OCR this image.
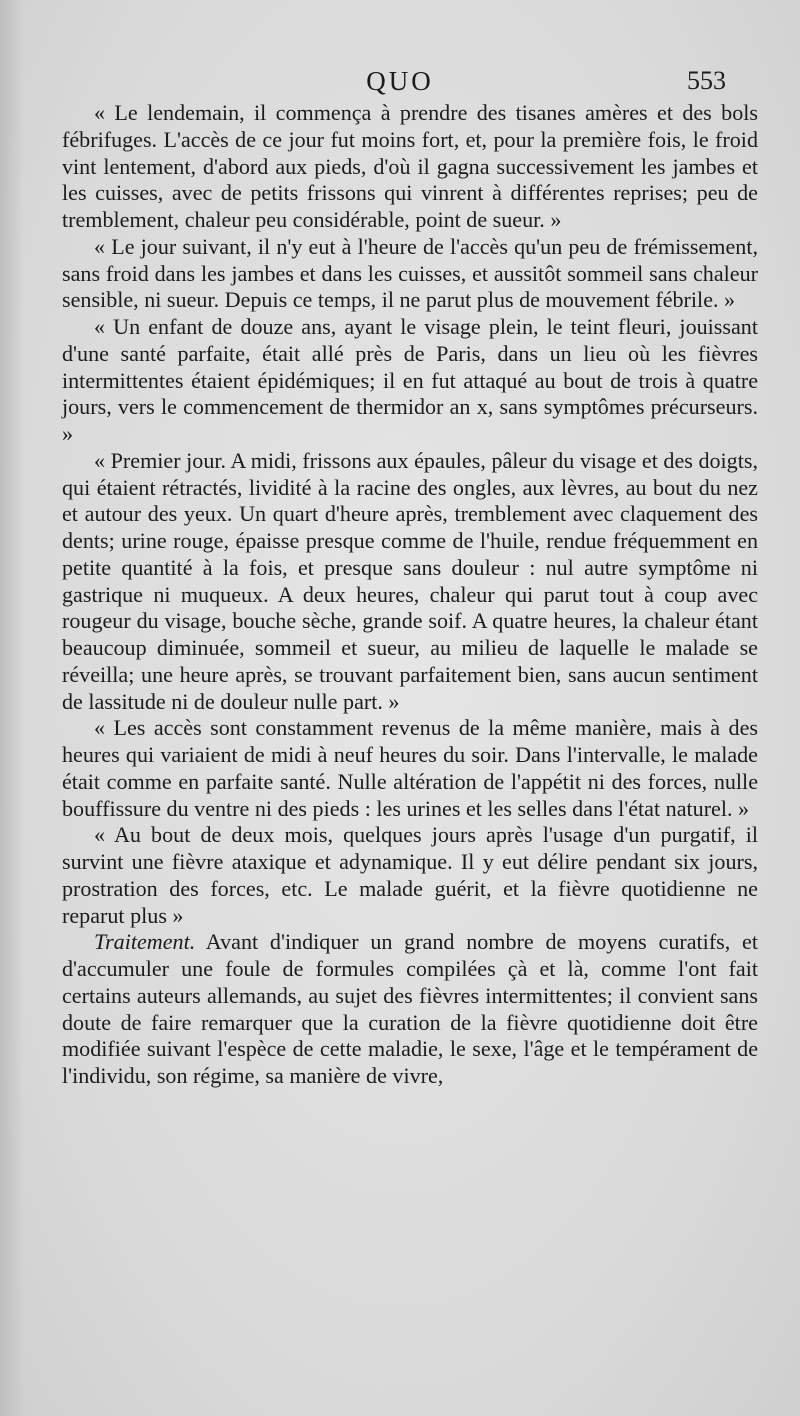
QUO	553

« Le lendemain, il commença à prendre des tisanes amères et des bols fébrifuges. L'accès de ce jour fut moins fort, et, pour la première fois, le froid vint lentement, d'abord aux pieds, d'où il gagna successivement les jambes et les cuisses, avec de petits frissons qui vinrent à différentes reprises; peu de tremblement, chaleur peu considérable, point de sueur. »

« Le jour suivant, il n'y eut à l'heure de l'accès qu'un peu de frémissement, sans froid dans les jambes et dans les cuisses, et aussitôt sommeil sans chaleur sensible, ni sueur. Depuis ce temps, il ne parut plus de mouvement fébrile. »

« Un enfant de douze ans, ayant le visage plein, le teint fleuri, jouissant d'une santé parfaite, était allé près de Paris, dans un lieu où les fièvres intermittentes étaient épidémiques; il en fut attaqué au bout de trois à quatre jours, vers le commencement de thermidor an x, sans symptômes précurseurs. »

« Premier jour. A midi, frissons aux épaules, pâleur du visage et des doigts, qui étaient rétractés, lividité à la racine des ongles, aux lèvres, au bout du nez et autour des yeux. Un quart d'heure après, tremblement avec claquement des dents; urine rouge, épaisse presque comme de l'huile, rendue fréquemment en petite quantité à la fois, et presque sans douleur : nul autre symptôme ni gastrique ni muqueux. A deux heures, chaleur qui parut tout à coup avec rougeur du visage, bouche sèche, grande soif. A quatre heures, la chaleur étant beaucoup diminuée, sommeil et sueur, au milieu de laquelle le malade se réveilla; une heure après, se trouvant parfaitement bien, sans aucun sentiment de lassitude ni de douleur nulle part. »

« Les accès sont constamment revenus de la même manière, mais à des heures qui variaient de midi à neuf heures du soir. Dans l'intervalle, le malade était comme en parfaite santé. Nulle altération de l'appétit ni des forces, nulle bouffissure du ventre ni des pieds : les urines et les selles dans l'état naturel. »

« Au bout de deux mois, quelques jours après l'usage d'un purgatif, il survint une fièvre ataxique et adynamique. Il y eut délire pendant six jours, prostration des forces, etc. Le malade guérit, et la fièvre quotidienne ne reparut plus »

Traitement. Avant d'indiquer un grand nombre de moyens curatifs, et d'accumuler une foule de formules compilées çà et là, comme l'ont fait certains auteurs allemands, au sujet des fièvres intermittentes; il convient sans doute de faire remarquer que la curation de la fièvre quotidienne doit être modifiée suivant l'espèce de cette maladie, le sexe, l'âge et le tempérament de l'individu, son régime, sa manière de vivre,
